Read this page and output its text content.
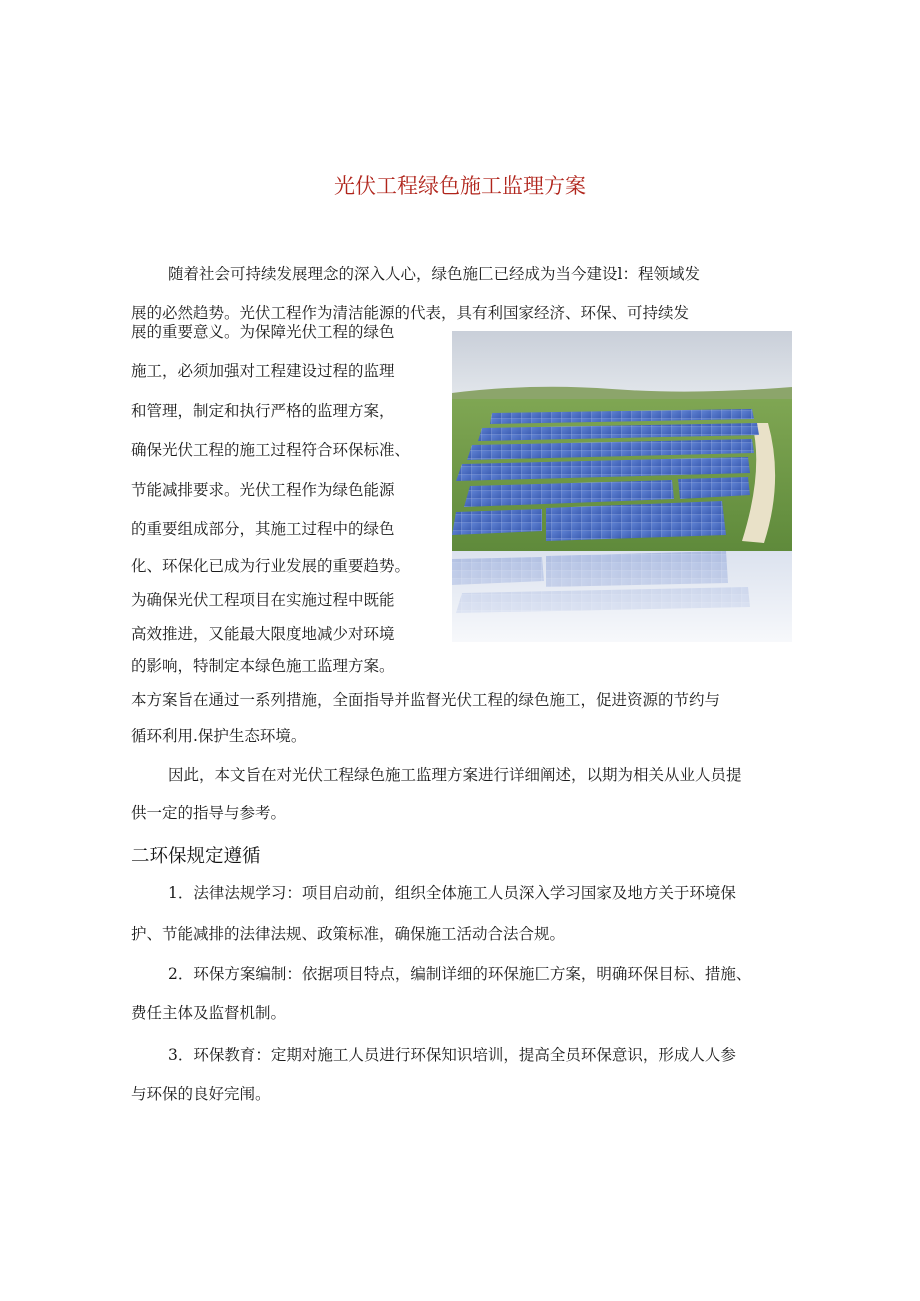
光伏工程绿色施工监理方案
随着社会可持续发展理念的深入人心，绿色施匚已经成为当今建设l：程领域发
展的必然趋势。光伏工程作为清洁能源的代表，具有利国家经济、环保、可持续发
展的重要意义。为保障光伏工程的绿色
施工，必须加强对工程建设过程的监理
和管理，制定和执行严格的监理方案，
确保光伏工程的施工过程符合环保标准、
节能减排要求。光伏工程作为绿色能源
的重要组成部分，其施工过程中的绿色
化、环保化已成为行业发展的重要趋势。
为确保光伏工程项目在实施过程中既能
高效推进，又能最大限度地减少对环境
的影响，特制定本绿色施工监理方案。
本方案旨在通过一系列措施，全面指导并监督光伏工程的绿色施工，促进资源的节约与
循环利用.保护生态环境。
因此，本文旨在对光伏工程绿色施工监理方案进行详细阐述，以期为相关从业人员提
供一定的指导与参考。
二环保规定遵循
1．法律法规学习：项目启动前，组织全体施工人员深入学习国家及地方关于环境保
护、节能减排的法律法规、政策标准，确保施工活动合法合规。
2．环保方案编制：依据项目特点，编制详细的环保施匚方案，明确环保目标、措施、
费任主体及监督机制。
3．环保教育：定期对施工人员进行环保知识培训，提高全员环保意识，形成人人参
与环保的良好完闱。
